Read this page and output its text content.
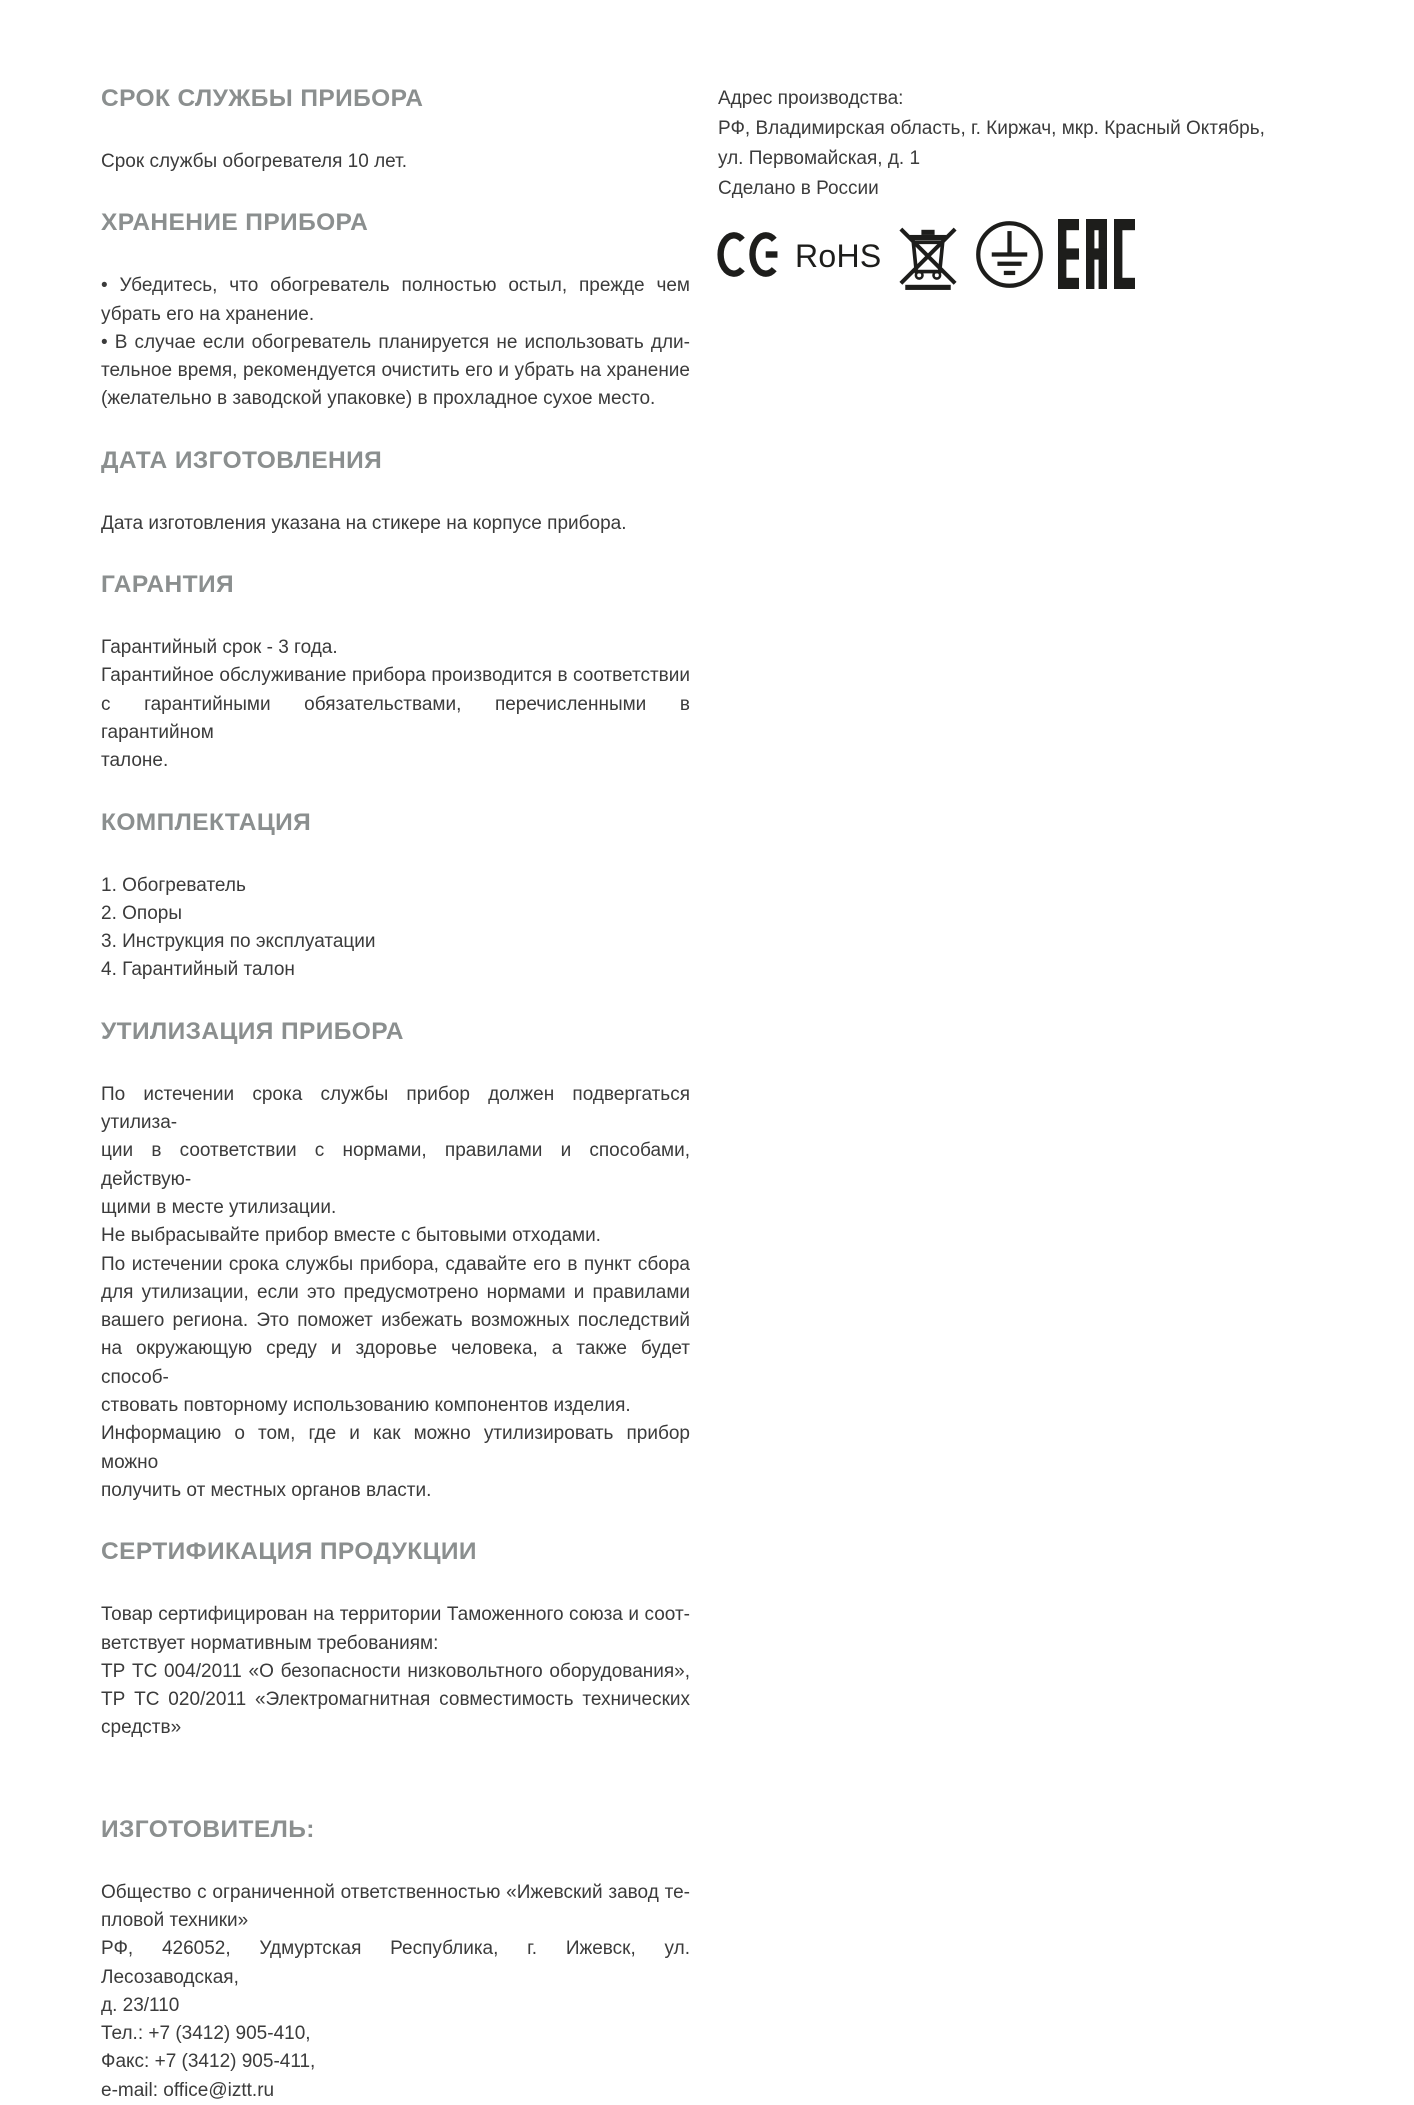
СРОК СЛУЖБЫ ПРИБОРА
Срок службы обогревателя 10 лет.
ХРАНЕНИЕ ПРИБОРА
• Убедитесь, что обогреватель полностью остыл, прежде чем
убрать его на хранение.
• В случае если обогреватель планируется не использовать дли-
тельное время, рекомендуется очистить его и убрать на хранение
(желательно в заводской упаковке) в прохладное сухое место.
ДАТА ИЗГОТОВЛЕНИЯ
Дата изготовления указана на стикере на корпусе прибора.
ГАРАНТИЯ
Гарантийный срок - 3 года.
Гарантийное обслуживание прибора производится в соответствии
с гарантийными обязательствами, перечисленными в гарантийном
талоне.
КОМПЛЕКТАЦИЯ
1. Обогреватель
2. Опоры
3. Инструкция по эксплуатации
4. Гарантийный талон
УТИЛИЗАЦИЯ ПРИБОРА
По истечении срока службы прибор должен подвергаться утилиза-
ции в соответствии с нормами, правилами и способами, действую-
щими в месте утилизации.
Не выбрасывайте прибор вместе с бытовыми отходами.
По истечении срока службы прибора, сдавайте его в пункт сбора
для утилизации, если это предусмотрено нормами и правилами
вашего региона. Это поможет избежать возможных последствий
на окружающую среду и здоровье человека, а также будет способ-
ствовать повторному использованию компонентов изделия.
Информацию о том, где и как можно утилизировать прибор можно
получить от местных органов власти.
СЕРТИФИКАЦИЯ ПРОДУКЦИИ
Товар сертифицирован на территории Таможенного союза и соот-
ветствует нормативным требованиям:
ТР ТС 004/2011 «О безопасности низковольтного оборудования»,
ТР ТС 020/2011 «Электромагнитная совместимость технических
средств»
ИЗГОТОВИТЕЛЬ:
Общество с ограниченной ответственностью «Ижевский завод те-
пловой техники»
РФ, 426052, Удмуртская Республика, г. Ижевск, ул. Лесозаводская,
д. 23/110
Тел.: +7 (3412) 905-410,
Факс: +7 (3412) 905-411,
e-mail: office@iztt.ru
Адрес производства:
РФ, Владимирская область, г. Киржач, мкр. Красный Октябрь,
ул. Первомайская, д. 1
Сделано в России
RoHS
